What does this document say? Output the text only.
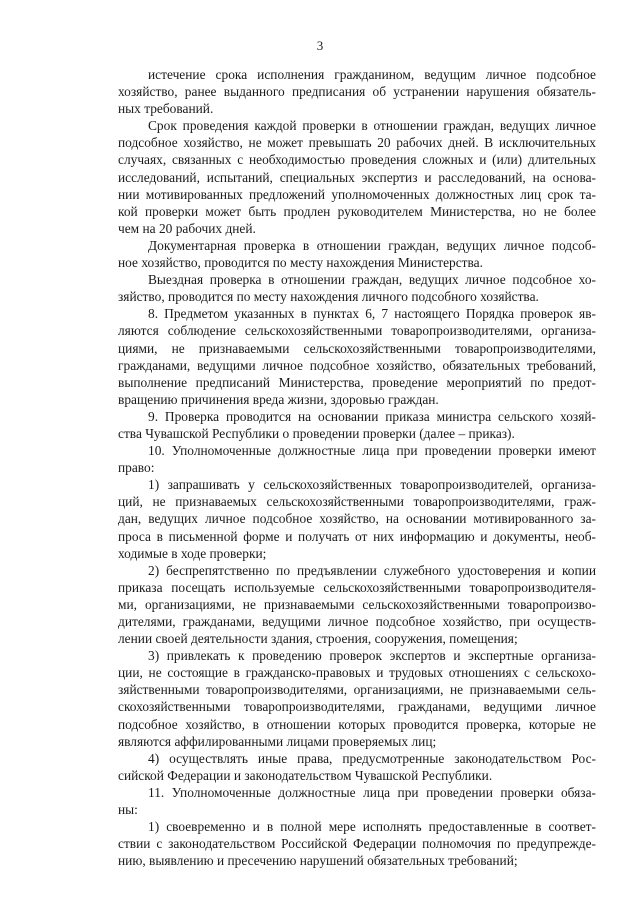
3
истечение срока исполнения гражданином, ведущим личное подсобное
хозяйство, ранее выданного предписания об устранении нарушения обязатель-
ных требований.
Срок проведения каждой проверки в отношении граждан, ведущих личное
подсобное хозяйство, не может превышать 20 рабочих дней. В исключительных
случаях, связанных с необходимостью проведения сложных и (или) длительных
исследований, испытаний, специальных экспертиз и расследований, на основа-
нии мотивированных предложений уполномоченных должностных лиц срок та-
кой проверки может быть продлен руководителем Министерства, но не более
чем на 20 рабочих дней.
Документарная проверка в отношении граждан, ведущих личное подсоб-
ное хозяйство, проводится по месту нахождения Министерства.
Выездная проверка в отношении граждан, ведущих личное подсобное хо-
зяйство, проводится по месту нахождения личного подсобного хозяйства.
8. Предметом указанных в пунктах 6, 7 настоящего Порядка проверок яв-
ляются соблюдение сельскохозяйственными товаропроизводителями, организа-
циями, не признаваемыми сельскохозяйственными товаропроизводителями,
гражданами, ведущими личное подсобное хозяйство, обязательных требований,
выполнение предписаний Министерства, проведение мероприятий по предот-
вращению причинения вреда жизни, здоровью граждан.
9. Проверка проводится на основании приказа министра сельского хозяй-
ства Чувашской Республики о проведении проверки (далее – приказ).
10. Уполномоченные должностные лица при проведении проверки имеют
право:
1) запрашивать у сельскохозяйственных товаропроизводителей, организа-
ций, не признаваемых сельскохозяйственными товаропроизводителями, граж-
дан, ведущих личное подсобное хозяйство, на основании мотивированного за-
проса в письменной форме и получать от них информацию и документы, необ-
ходимые в ходе проверки;
2) беспрепятственно по предъявлении служебного удостоверения и копии
приказа посещать используемые сельскохозяйственными товаропроизводителя-
ми, организациями, не признаваемыми сельскохозяйственными товаропроизво-
дителями, гражданами, ведущими личное подсобное хозяйство, при осуществ-
лении своей деятельности здания, строения, сооружения, помещения;
3) привлекать к проведению проверок экспертов и экспертные организа-
ции, не состоящие в гражданско-правовых и трудовых отношениях с сельскохо-
зяйственными товаропроизводителями, организациями, не признаваемыми сель-
скохозяйственными товаропроизводителями, гражданами, ведущими личное
подсобное хозяйство, в отношении которых проводится проверка, которые не
являются аффилированными лицами проверяемых лиц;
4) осуществлять иные права, предусмотренные законодательством Рос-
сийской Федерации и законодательством Чувашской Республики.
11. Уполномоченные должностные лица при проведении проверки обяза-
ны:
1) своевременно и в полной мере исполнять предоставленные в соответ-
ствии с законодательством Российской Федерации полномочия по предупрежде-
нию, выявлению и пресечению нарушений обязательных требований;
